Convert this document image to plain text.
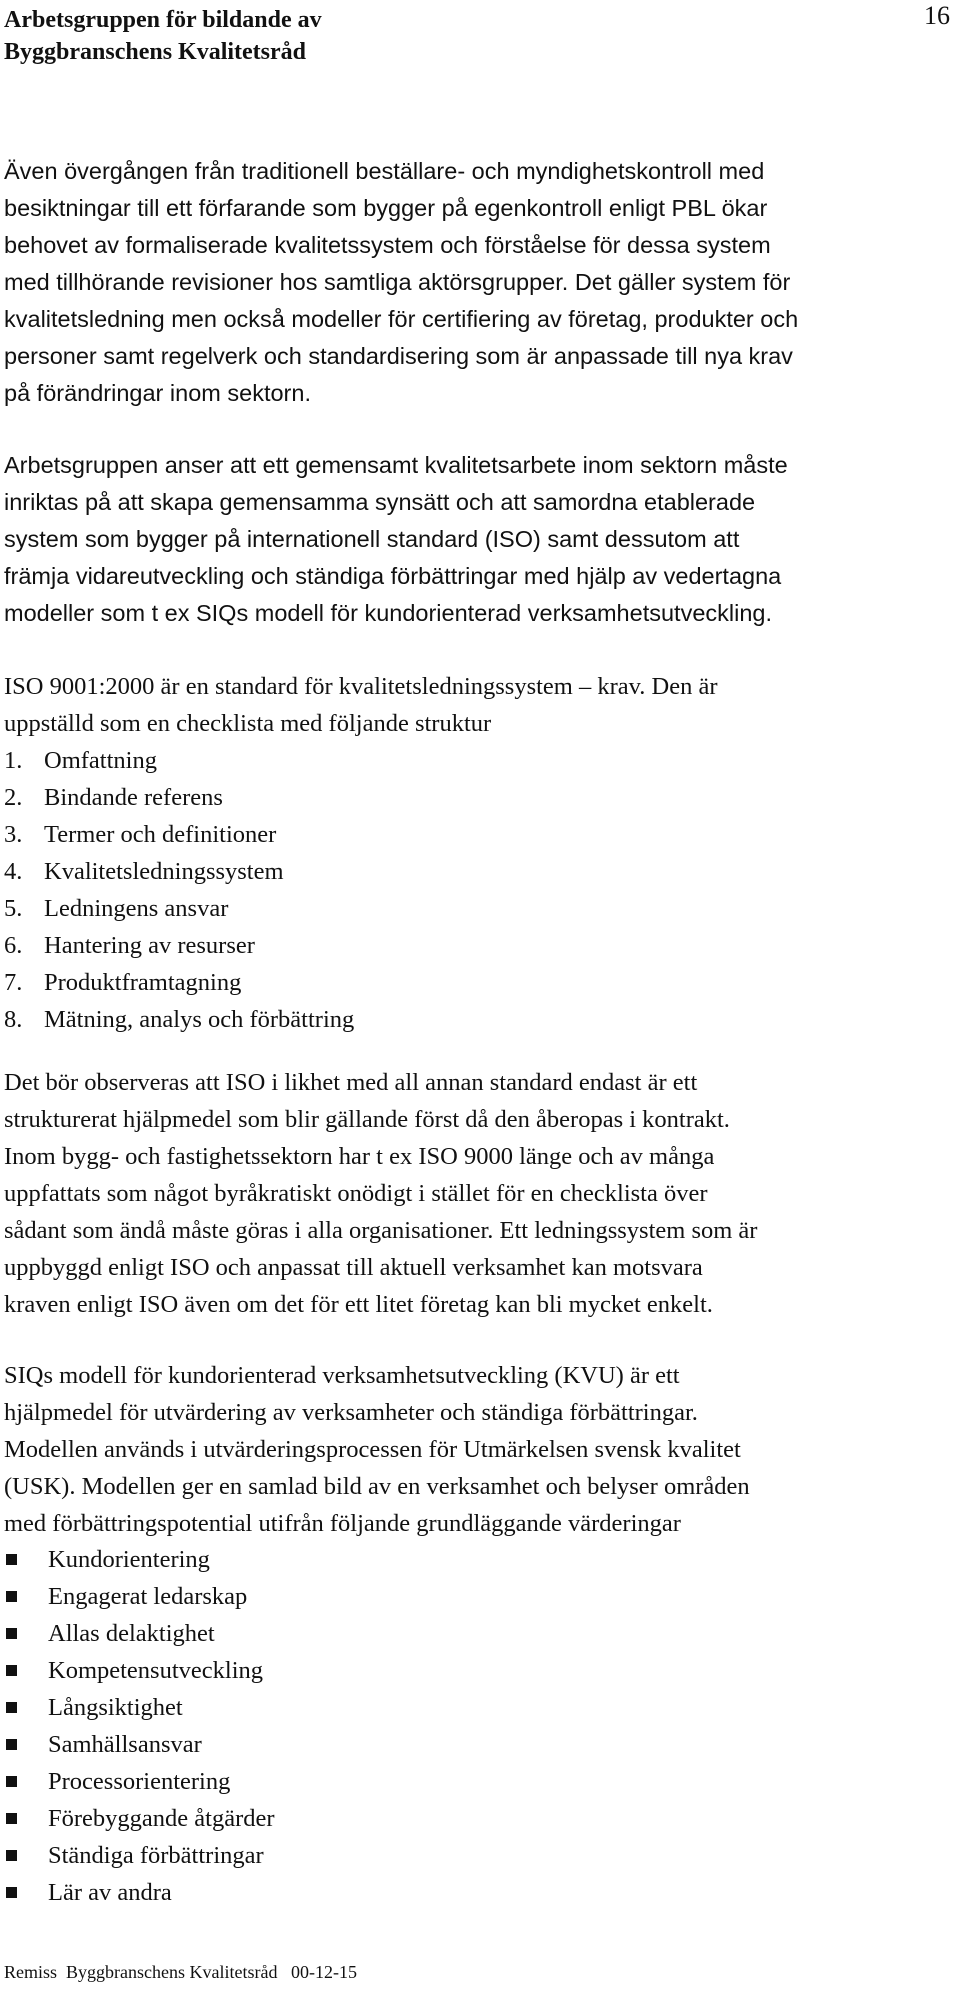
Arbetsgruppen för bildande av
Byggbranschens Kvalitetsråd
16
Även övergången från traditionell beställare- och myndighetskontroll med
besiktningar till ett förfarande som bygger på egenkontroll enligt PBL ökar
behovet av formaliserade kvalitetssystem och förståelse för dessa system
med tillhörande revisioner hos samtliga aktörsgrupper. Det gäller system för
kvalitetsledning men också modeller för certifiering av företag, produkter och
personer samt regelverk och standardisering som är anpassade till nya krav
på förändringar inom sektorn.
Arbetsgruppen anser att ett gemensamt kvalitetsarbete inom sektorn måste
inriktas på att skapa gemensamma synsätt och att samordna etablerade
system som bygger på internationell standard (ISO) samt dessutom att
främja vidareutveckling och ständiga förbättringar med hjälp av vedertagna
modeller som t ex SIQs modell för kundorienterad verksamhetsutveckling.
ISO 9001:2000 är en standard för kvalitetsledningssystem – krav. Den är
uppställd som en checklista med följande struktur
1. Omfattning
2. Bindande referens
3. Termer och definitioner
4. Kvalitetsledningssystem
5. Ledningens ansvar
6. Hantering av resurser
7. Produktframtagning
8. Mätning, analys och förbättring
Det bör observeras att ISO i likhet med all annan standard endast är ett
strukturerat hjälpmedel som blir gällande först då den åberopas i kontrakt.
Inom bygg- och fastighetssektorn har t ex ISO 9000 länge och av många
uppfattats som något byråkratiskt onödigt i stället för en checklista över
sådant som ändå måste göras i alla organisationer. Ett ledningssystem som är
uppbyggd enligt ISO och anpassat till aktuell verksamhet kan motsvara
kraven enligt ISO även om det för ett litet företag kan bli mycket enkelt.
SIQs modell för kundorienterad verksamhetsutveckling (KVU) är ett
hjälpmedel för utvärdering av verksamheter och ständiga förbättringar.
Modellen används i utvärderingsprocessen för Utmärkelsen svensk kvalitet
(USK). Modellen ger en samlad bild av en verksamhet och belyser områden
med förbättringspotential utifrån följande grundläggande värderingar
Kundorientering
Engagerat ledarskap
Allas delaktighet
Kompetensutveckling
Långsiktighet
Samhällsansvar
Processorientering
Förebyggande åtgärder
Ständiga förbättringar
Lär av andra
Remiss  Byggbranschens Kvalitetsråd   00-12-15
